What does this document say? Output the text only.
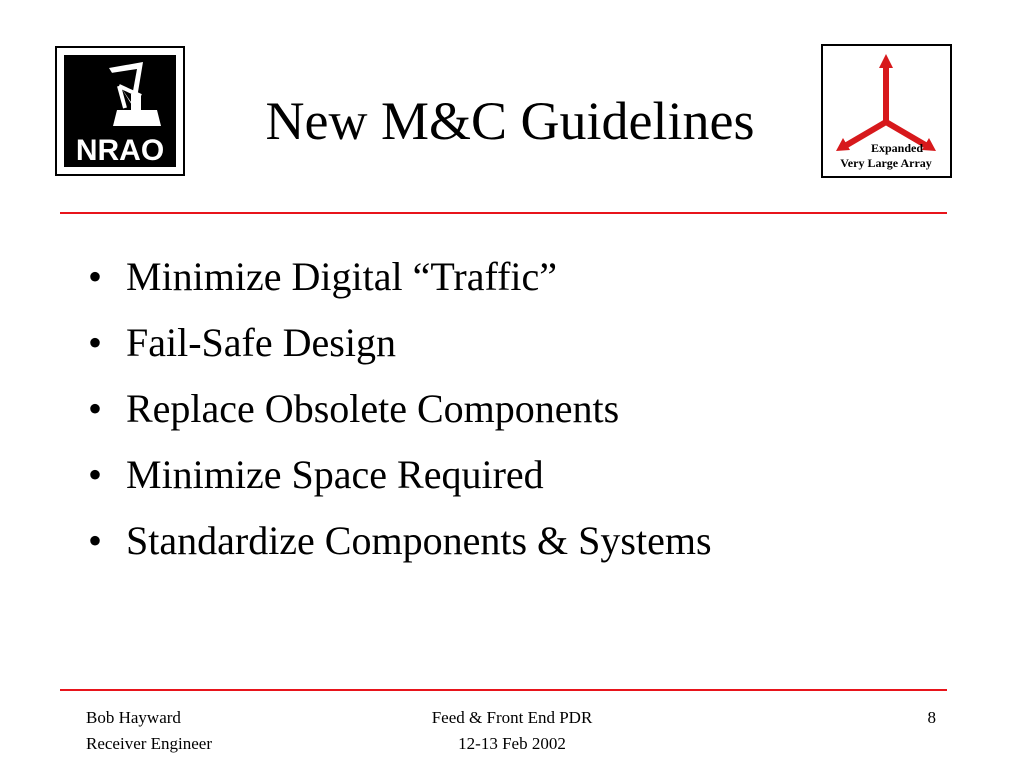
NRAO	New M&C Guidelines	Expanded
Very Large Array
• Minimize Digital “Traffic”
• Fail-Safe Design
• Replace Obsolete Components
• Minimize Space Required
• Standardize Components & Systems
Bob Hayward
Receiver Engineer
Feed & Front End PDR
12-13 Feb 2002
8
